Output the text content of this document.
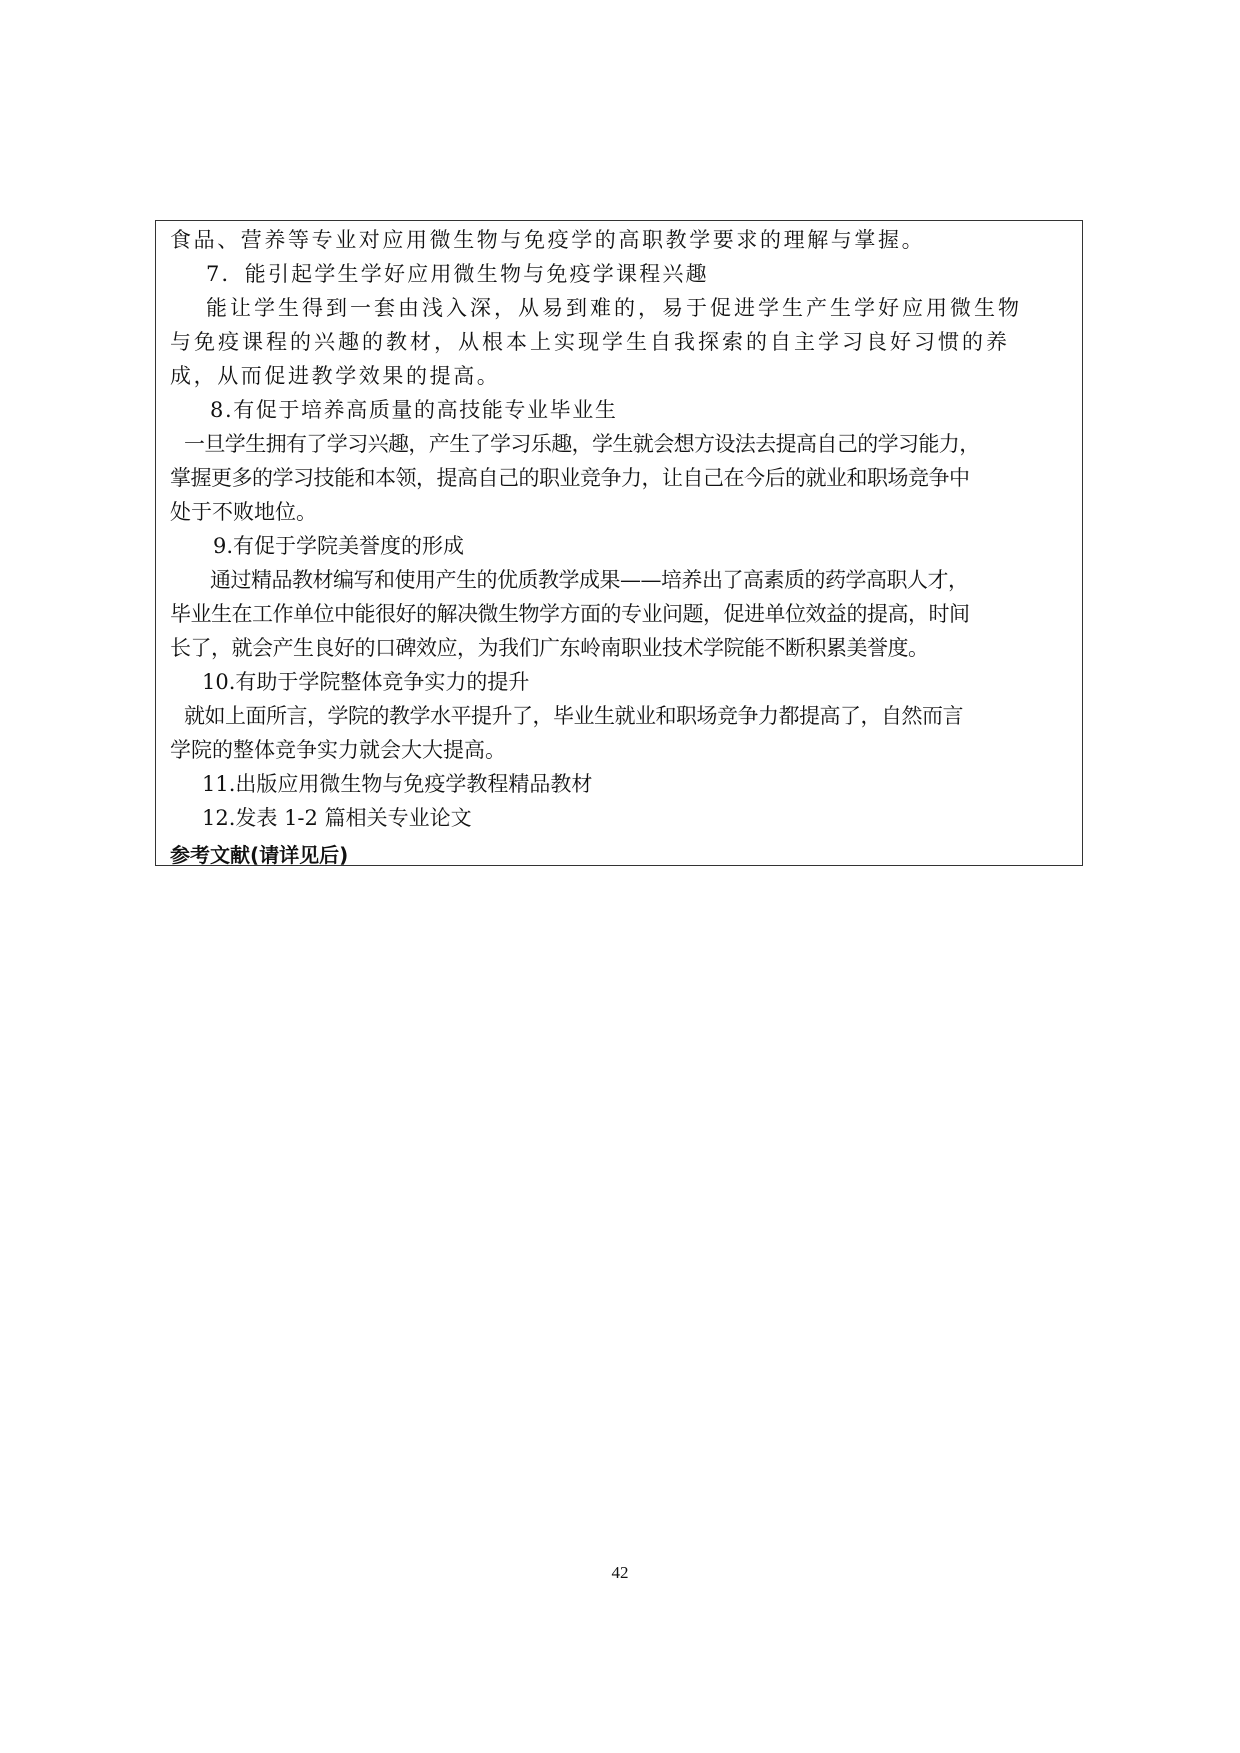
食品、营养等专业对应用微生物与免疫学的高职教学要求的理解与掌握。
7．能引起学生学好应用微生物与免疫学课程兴趣
能让学生得到一套由浅入深，从易到难的，易于促进学生产生学好应用微生物
与免疫课程的兴趣的教材，从根本上实现学生自我探索的自主学习良好习惯的养
成，从而促进教学效果的提高。
8.有促于培养高质量的高技能专业毕业生
一旦学生拥有了学习兴趣，产生了学习乐趣，学生就会想方设法去提高自己的学习能力，
掌握更多的学习技能和本领，提高自己的职业竞争力，让自己在今后的就业和职场竞争中
处于不败地位。
9.有促于学院美誉度的形成
通过精品教材编写和使用产生的优质教学成果——培养出了高素质的药学高职人才，
毕业生在工作单位中能很好的解决微生物学方面的专业问题，促进单位效益的提高，时间
长了，就会产生良好的口碑效应，为我们广东岭南职业技术学院能不断积累美誉度。
10.有助于学院整体竞争实力的提升
就如上面所言，学院的教学水平提升了，毕业生就业和职场竞争力都提高了，自然而言
学院的整体竞争实力就会大大提高。
11.出版应用微生物与免疫学教程精品教材
12.发表 1-2 篇相关专业论文
参考文献(请详见后)
42
